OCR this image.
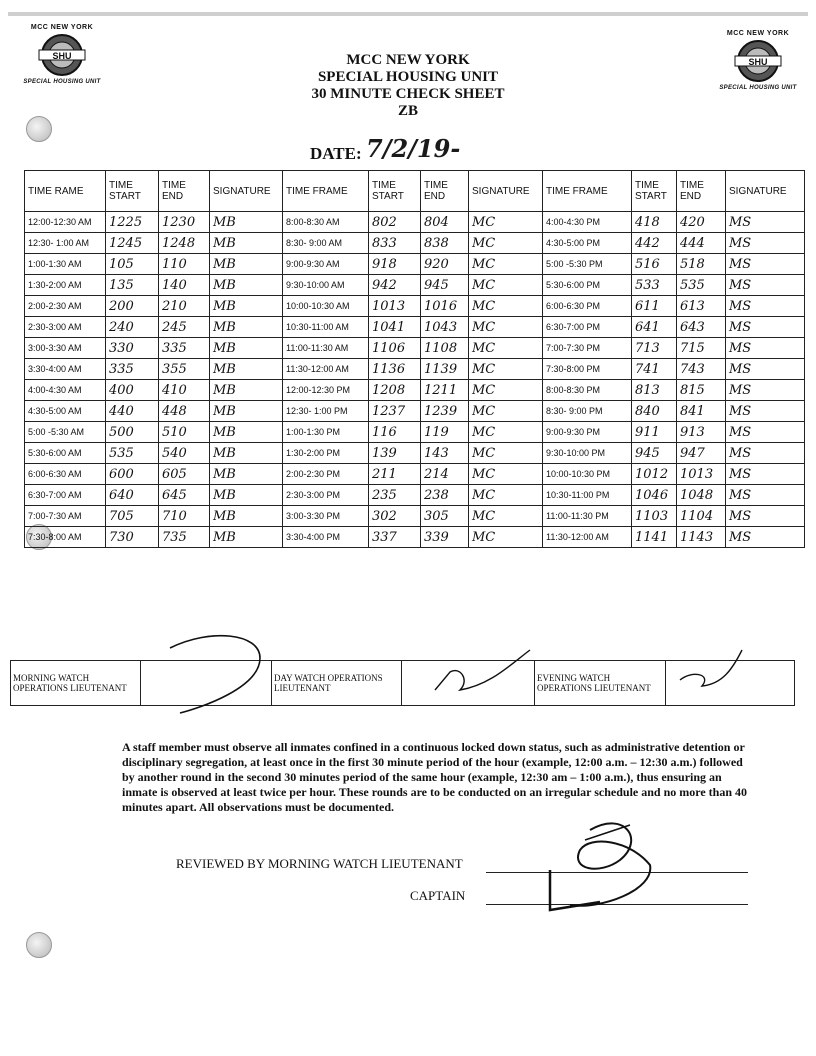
MCC NEW YORK
SHU
SPECIAL HOUSING UNIT
MCC NEW YORK
SHU
SPECIAL HOUSING UNIT
MCC NEW YORK
SPECIAL HOUSING UNIT
30 MINUTE CHECK SHEET
ZB
DATE: 7/2/19-
TIME RAME	TIME START	TIME END	SIGNATURE	TIME FRAME	TIME START	TIME END	SIGNATURE	TIME FRAME	TIME START	TIME END	SIGNATURE
12:00-12:30 AM	1225	1230	MB	8:00-8:30 AM	802	804	MC	4:00-4:30 PM	418	420	MS
12:30- 1:00 AM	1245	1248	MB	8:30- 9:00 AM	833	838	MC	4:30-5:00 PM	442	444	MS
1:00-1:30 AM	105	110	MB	9:00-9:30 AM	918	920	MC	5:00 -5:30 PM	516	518	MS
1:30-2:00 AM	135	140	MB	9:30-10:00 AM	942	945	MC	5:30-6:00 PM	533	535	MS
2:00-2:30 AM	200	210	MB	10:00-10:30 AM	1013	1016	MC	6:00-6:30 PM	611	613	MS
2:30-3:00 AM	240	245	MB	10:30-11:00 AM	1041	1043	MC	6:30-7:00 PM	641	643	MS
3:00-3:30 AM	330	335	MB	11:00-11:30 AM	1106	1108	MC	7:00-7:30 PM	713	715	MS
3:30-4:00 AM	335	355	MB	11:30-12:00 AM	1136	1139	MC	7:30-8:00 PM	741	743	MS
4:00-4:30 AM	400	410	MB	12:00-12:30 PM	1208	1211	MC	8:00-8:30 PM	813	815	MS
4:30-5:00 AM	440	448	MB	12:30- 1:00 PM	1237	1239	MC	8:30- 9:00 PM	840	841	MS
5:00 -5:30 AM	500	510	MB	1:00-1:30 PM	116	119	MC	9:00-9:30 PM	911	913	MS
5:30-6:00 AM	535	540	MB	1:30-2:00 PM	139	143	MC	9:30-10:00 PM	945	947	MS
6:00-6:30 AM	600	605	MB	2:00-2:30 PM	211	214	MC	10:00-10:30 PM	1012	1013	MS
6:30-7:00 AM	640	645	MB	2:30-3:00 PM	235	238	MC	10:30-11:00 PM	1046	1048	MS
7:00-7:30 AM	705	710	MB	3:00-3:30 PM	302	305	MC	11:00-11:30 PM	1103	1104	MS
7:30-8:00 AM	730	735	MB	3:30-4:00 PM	337	339	MC	11:30-12:00 AM	1141	1143	MS
MORNING WATCH OPERATIONS LIEUTENANT		DAY WATCH OPERATIONS LIEUTENANT		EVENING WATCH OPERATIONS LIEUTENANT	
A staff member must observe all inmates confined in a continuous locked down status, such as administrative detention or disciplinary segregation, at least once in the first 30 minute period of the hour (example, 12:00 a.m. – 12:30 a.m.) followed by another round in the second 30 minutes period of the same hour (example, 12:30 am – 1:00 a.m.), thus ensuring an inmate is observed at least twice per hour. These rounds are to be conducted on an irregular schedule and no more than 40 minutes apart. All observations must be documented.
REVIEWED BY MORNING WATCH LIEUTENANT
CAPTAIN
